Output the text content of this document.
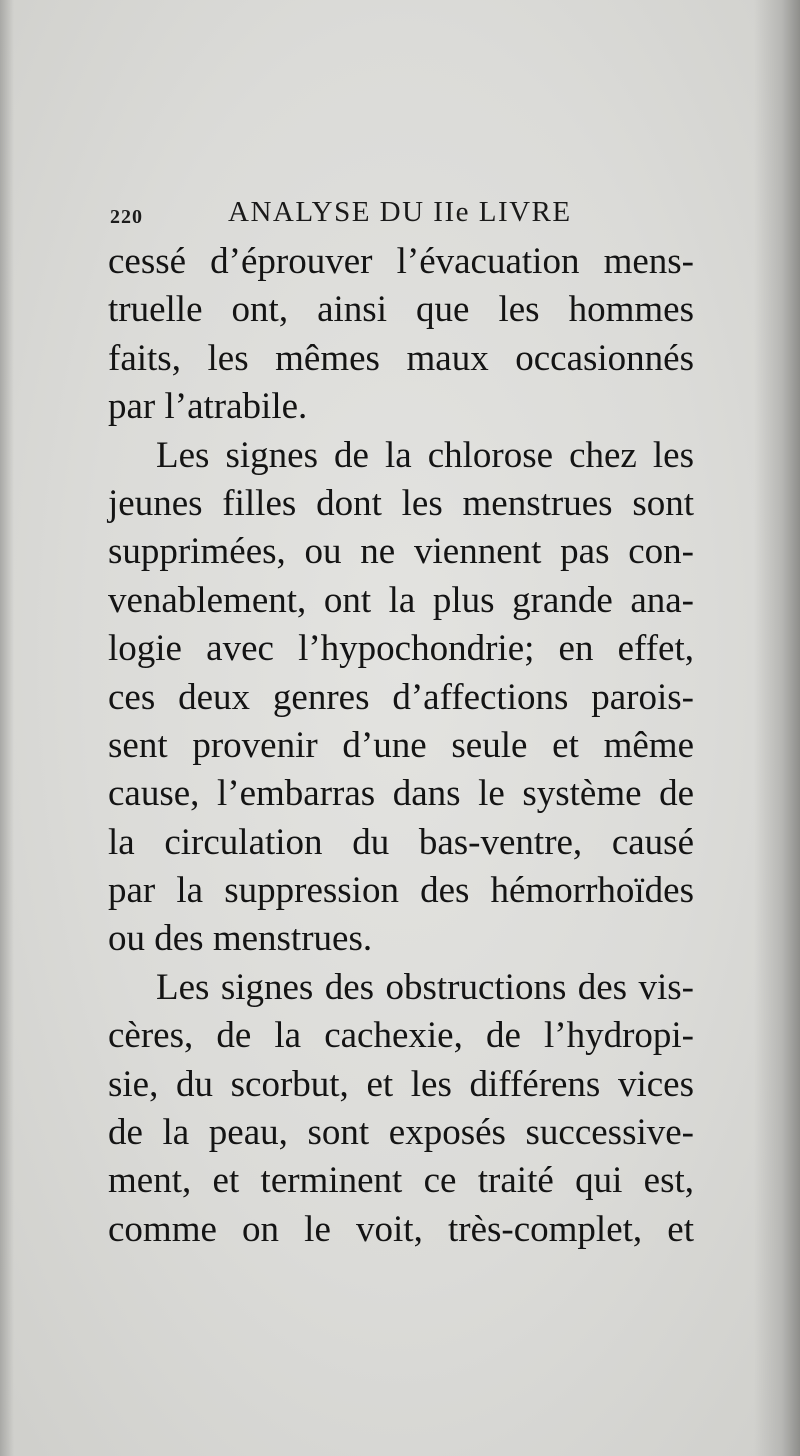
220	ANALYSE DU IIe LIVRE
cessé d’éprouver l’évacuation mens-
truelle ont, ainsi que les hommes
faits, les mêmes maux occasionnés
par l’atrabile.
Les signes de la chlorose chez les
jeunes filles dont les menstrues sont
supprimées, ou ne viennent pas con-
venablement, ont la plus grande ana-
logie avec l’hypochondrie; en effet,
ces deux genres d’affections parois-
sent provenir d’une seule et même
cause, l’embarras dans le système de
la circulation du bas-ventre, causé
par la suppression des hémorrhoïdes
ou des menstrues.
Les signes des obstructions des vis-
cères, de la cachexie, de l’hydropi-
sie, du scorbut, et les différens vices
de la peau, sont exposés successive-
ment, et terminent ce traité qui est,
comme on le voit, très-complet, et
